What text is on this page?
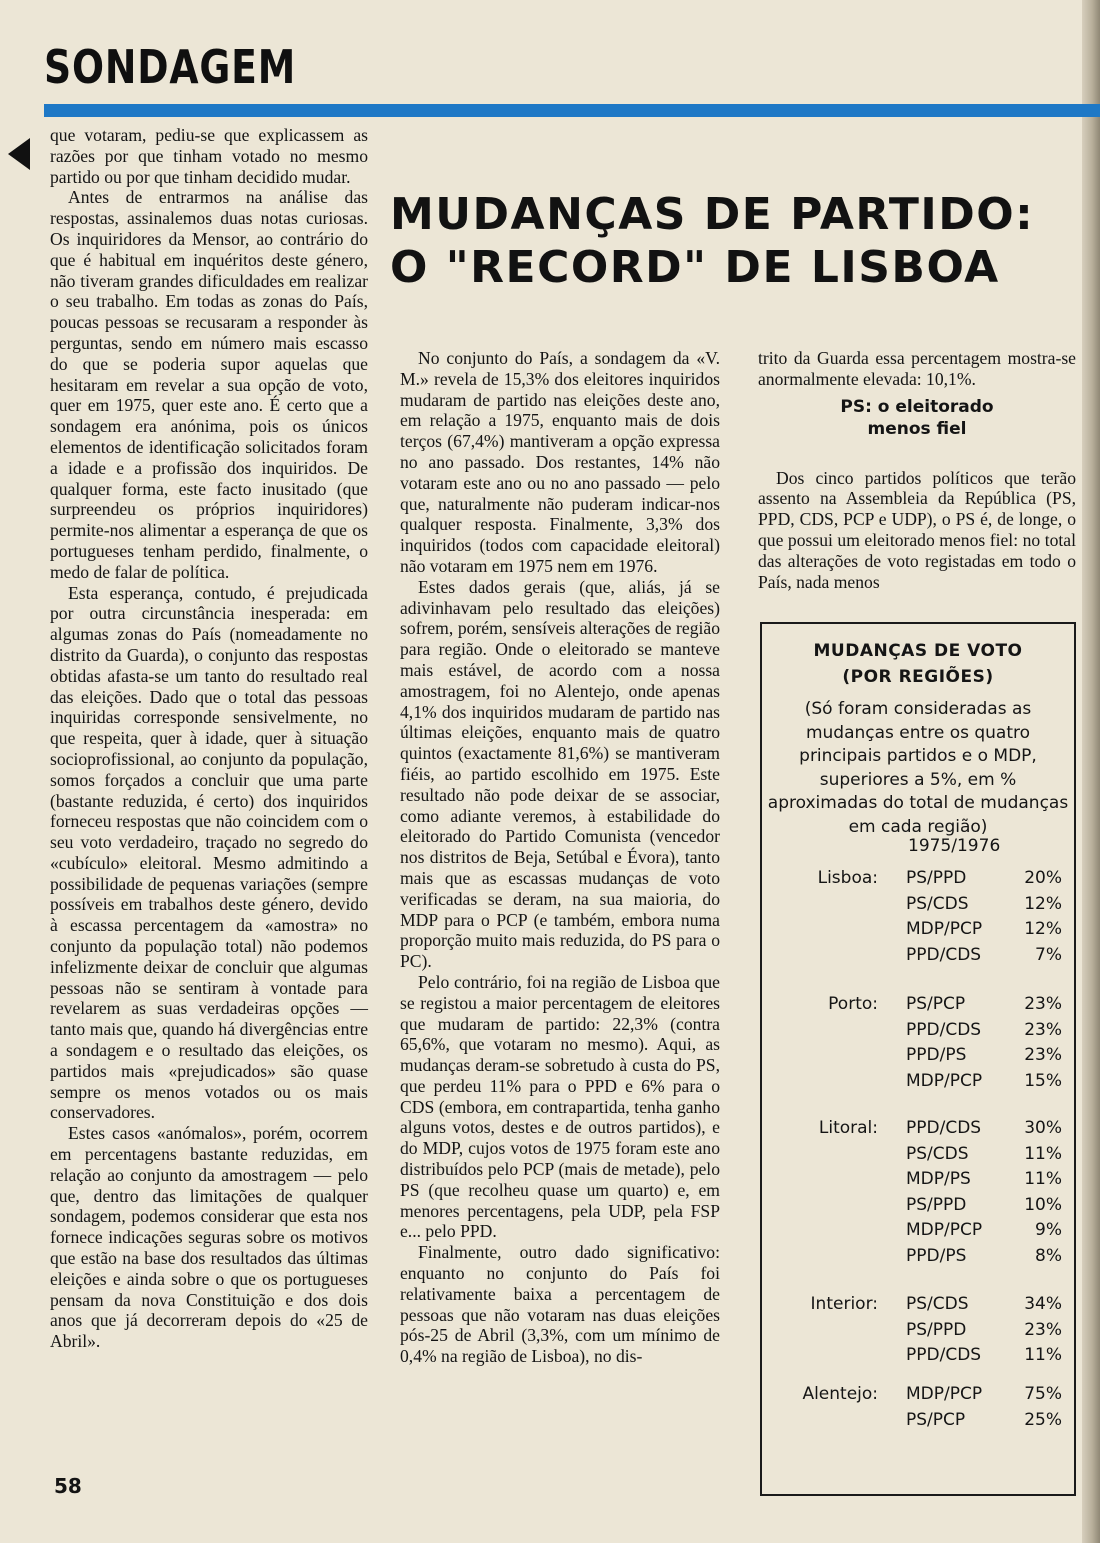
SONDAGEM
MUDANÇAS DE PARTIDO:
O "RECORD" DE LISBOA

que votaram, pediu-se que explicassem as razões por que tinham votado no mesmo partido ou por que tinham decidido mudar.

Antes de entrarmos na análise das respostas, assinalemos duas notas curiosas. Os inquiridores da Mensor, ao contrário do que é habitual em inquéritos deste género, não tiveram grandes dificuldades em realizar o seu trabalho. Em todas as zonas do País, poucas pessoas se recusaram a responder às perguntas, sendo em número mais escasso do que se poderia supor aquelas que hesitaram em revelar a sua opção de voto, quer em 1975, quer este ano. É certo que a sondagem era anónima, pois os únicos elementos de identificação solicitados foram a idade e a profissão dos inquiridos. De qualquer forma, este facto inusitado (que surpreendeu os próprios inquiridores) permite-nos alimentar a esperança de que os portugueses tenham perdido, finalmente, o medo de falar de política.

Esta esperança, contudo, é prejudicada por outra circunstância inesperada: em algumas zonas do País (nomeadamente no distrito da Guarda), o conjunto das respostas obtidas afasta-se um tanto do resultado real das eleições. Dado que o total das pessoas inquiridas corresponde sensivelmente, no que respeita, quer à idade, quer à situação socioprofissional, ao conjunto da população, somos forçados a concluir que uma parte (bastante reduzida, é certo) dos inquiridos forneceu respostas que não coincidem com o seu voto verdadeiro, traçado no segredo do «cubículo» eleitoral. Mesmo admitindo a possibilidade de pequenas variações (sempre possíveis em trabalhos deste género, devido à escassa percentagem da «amostra» no conjunto da população total) não podemos infelizmente deixar de concluir que algumas pessoas não se sentiram à vontade para revelarem as suas verdadeiras opções — tanto mais que, quando há divergências entre a sondagem e o resultado das eleições, os partidos mais «prejudicados» são quase sempre os menos votados ou os mais conservadores.

Estes casos «anómalos», porém, ocorrem em percentagens bastante reduzidas, em relação ao conjunto da amostragem — pelo que, dentro das limitações de qualquer sondagem, podemos considerar que esta nos fornece indicações seguras sobre os motivos que estão na base dos resultados das últimas eleições e ainda sobre o que os portugueses pensam da nova Constituição e dos dois anos que já decorreram depois do «25 de Abril».

No conjunto do País, a sondagem da «V. M.» revela de 15,3% dos eleitores inquiridos mudaram de partido nas eleições deste ano, em relação a 1975, enquanto mais de dois terços (67,4%) mantiveram a opção expressa no ano passado. Dos restantes, 14% não votaram este ano ou no ano passado — pelo que, naturalmente não puderam indicar-nos qualquer resposta. Finalmente, 3,3% dos inquiridos (todos com capacidade eleitoral) não votaram em 1975 nem em 1976.

Estes dados gerais (que, aliás, já se adivinhavam pelo resultado das eleições) sofrem, porém, sensíveis alterações de região para região. Onde o eleitorado se manteve mais estável, de acordo com a nossa amostragem, foi no Alentejo, onde apenas 4,1% dos inquiridos mudaram de partido nas últimas eleições, enquanto mais de quatro quintos (exactamente 81,6%) se mantiveram fiéis, ao partido escolhido em 1975. Este resultado não pode deixar de se associar, como adiante veremos, à estabilidade do eleitorado do Partido Comunista (vencedor nos distritos de Beja, Setúbal e Évora), tanto mais que as escassas mudanças de voto verificadas se deram, na sua maioria, do MDP para o PCP (e também, embora numa proporção muito mais reduzida, do PS para o PC).

Pelo contrário, foi na região de Lisboa que se registou a maior percentagem de eleitores que mudaram de partido: 22,3% (contra 65,6%, que votaram no mesmo). Aqui, as mudanças deram-se sobretudo à custa do PS, que perdeu 11% para o PPD e 6% para o CDS (embora, em contrapartida, tenha ganho alguns votos, destes e de outros partidos), e do MDP, cujos votos de 1975 foram este ano distribuídos pelo PCP (mais de metade), pelo PS (que recolheu quase um quarto) e, em menores percentagens, pela UDP, pela FSP e... pelo PPD.

Finalmente, outro dado significativo: enquanto no conjunto do País foi relativamente baixa a percentagem de pessoas que não votaram nas duas eleições pós-25 de Abril (3,3%, com um mínimo de 0,4% na região de Lisboa), no dis-

trito da Guarda essa percentagem mostra-se anormalmente elevada: 10,1%.

PS: o eleitorado
menos fiel

Dos cinco partidos políticos que terão assento na Assembleia da República (PS, PPD, CDS, PCP e UDP), o PS é, de longe, o que possui um eleitorado menos fiel: no total das alterações de voto registadas em todo o País, nada menos

MUDANÇAS DE VOTO
(POR REGIÕES)
(Só foram consideradas as mudanças entre os quatro principais partidos e o MDP, superiores a 5%, em % aproximadas do total de mudanças em cada região)
1975/1976
Lisboa: PS/PPD	20%
PS/CDS	12%
MDP/PCP 12%
PPD/CDS	7%
Porto: PS/PCP	23%
PPD/CDS	23%
PPD/PS	23%
MDP/PCP 15%
Litoral: PPD/CDS	30%
PS/CDS	11%
MDP/PS	11%
PS/PPD	10%
MDP/PCP	9%
PPD/PS	8%
Interior: PS/CDS	34%
PS/PPD	23%
PPD/CDS	11%
Alentejo: MDP/PCP 75%
PS/PCP	25%
58
